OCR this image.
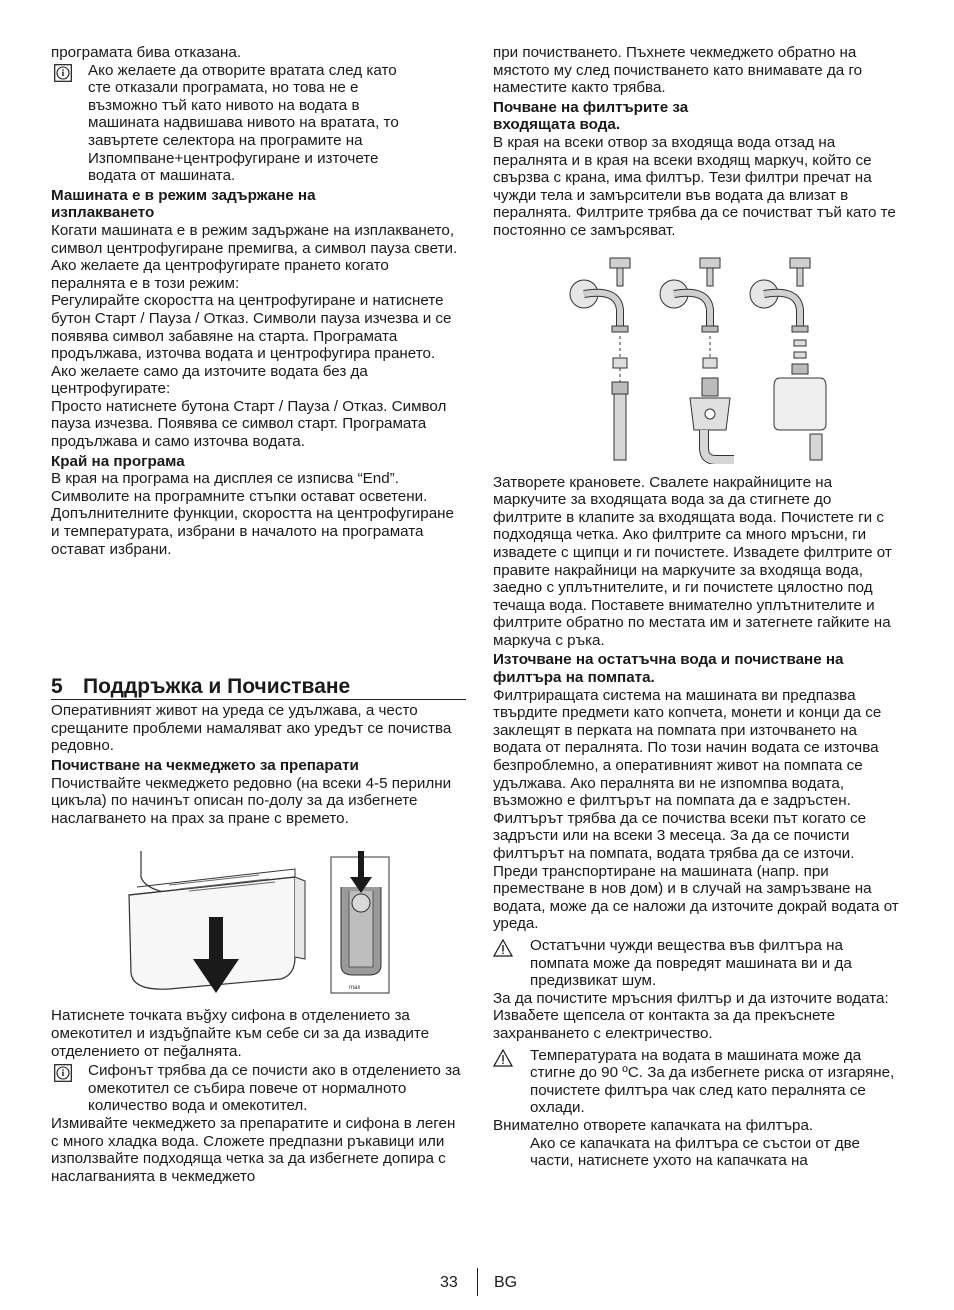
програмата бива отказана.

Ако желаете да отворите вратата след като сте отказали програмата, но това не е възможно тъй като нивото на водата в машината надвишава нивото на вратата, то завъртете селектора на програмите на Изпомпване+центрофугиране и източете водата от машината.

Машината е в режим задържане на изплакването

Когати машината е в режим задържане на изплакването, символ центрофугиране премигва, а символ пауза свети.

Ако желаете да центрофугирате прането когато пералнята е в този режим:

Регулирайте скоростта на центрофугиране и натиснете бутон Старт / Пауза / Отказ. Символи пауза изчезва и се появява символ забавяне на старта. Програмата продължава, източва водата и центрофугира прането.

Ако желаете само да източите водата без да центрофугирате:

Просто натиснете бутона Старт / Пауза / Отказ. Символ пауза изчезва. Появява се символ старт. Програмата продължава и само източва водата.

Край на програма

В края на програма на дисплея се изписва “End”. Символите на програмните стъпки остават осветени. Допълнителните функции, скоростта на центрофугиране и температурата, избрани в началото на програмата остават избрани.

5 Поддръжка и Почистване

Оперативният живот на уреда се удължава, а често срещаните проблеми намаляват ако уредът се почиства редовно.

Почистване на чекмеджето за препарати

Почиствайте чекмеджето редовно (на всеки 4-5 перилни цикъла) по начинът описан по-долу за да избегнете наслагването на прах за пране с времето.

max

Натиснете точката въğху сифона в отделението за омекотител и издъğпайте към себе си за да извадите отделението от пеğалнята.

Сифонът трябва да се почисти ако в отделението за омекотител се събира повече от нормалното количество вода и омекотител.

Измивайте чекмеджето за препаратите и сифона в леген с много хладка вода. Сложете предпазни ръкавици или използвайте подходяща четка за да избегнете допира с наслагванията в чекмеджето

при почистването. Пъхнете чекмеджето обратно на мястото му след почистването като внимавате да го наместите както трябва.

Почване на филтърите за входящата вода.

В края на всеки отвор за входяща вода отзад на пералнята и в края на всеки входящ маркуч, който се свързва с крана, има филтър. Тези филтри пречат на чужди тела и замърсители във водата да влизат в пералнята. Филтрите трябва да се почистват тъй като те постоянно се замърсяват.

Затворете крановете. Свалете накрайниците на маркучите за входящата вода за да стигнете до филтрите в клапите за входящата вода. Почистете ги с подходяща четка. Ако филтрите са много мръсни, ги извадете с щипци и ги почистете. Извадете филтрите от правите накрайници на маркучите за входяща вода, заедно с уплътнителите, и ги почистете цялостно под течаща вода. Поставете внимателно уплътнителите и филтрите обратно по местата им и затегнете гайките на маркуча с ръка.

Източване на остатъчна вода и почистване на филтъра на помпата.

Филтриращата система на машината ви предпазва твърдите предмети като копчета, монети и конци да се заклещят в перката на помпата при източването на водата от пералнята. По този начин водата се източва безпроблемно, а оперативният живот на помпата се удължава. Ако пералнята ви не изпомпва водата, възможно е филтърът на помпата да е задръстен. Филтърът трябва да се почиства всеки път когато се задръсти или на всеки 3 месеца. За да се почисти филтърът на помпата, водата трябва да се източи. Преди транспортиране на машината (напр. при преместване в нов дом) и в случай на замръзване на водата, може да се наложи да източите докрай водата от уреда.

Остатъчни чужди вещества във филтъра на помпата може да повредят машината ви и да предизвикат шум.

За да почистите мръсния филтър и да източите водата:

Изваδете щепсела от контакта за да прекъснете захранването с електричество.

Температурата на водата в машината може да стигне до 90 ºС. За да избегнете риска от изгаряне, почистете филтъра чак след като пералнята се охлади.

Внимателно отворете капачката на филтъра.

Ако се капачката на филтъра се състои от две части, натиснете ухото на капачката на

33 BG
